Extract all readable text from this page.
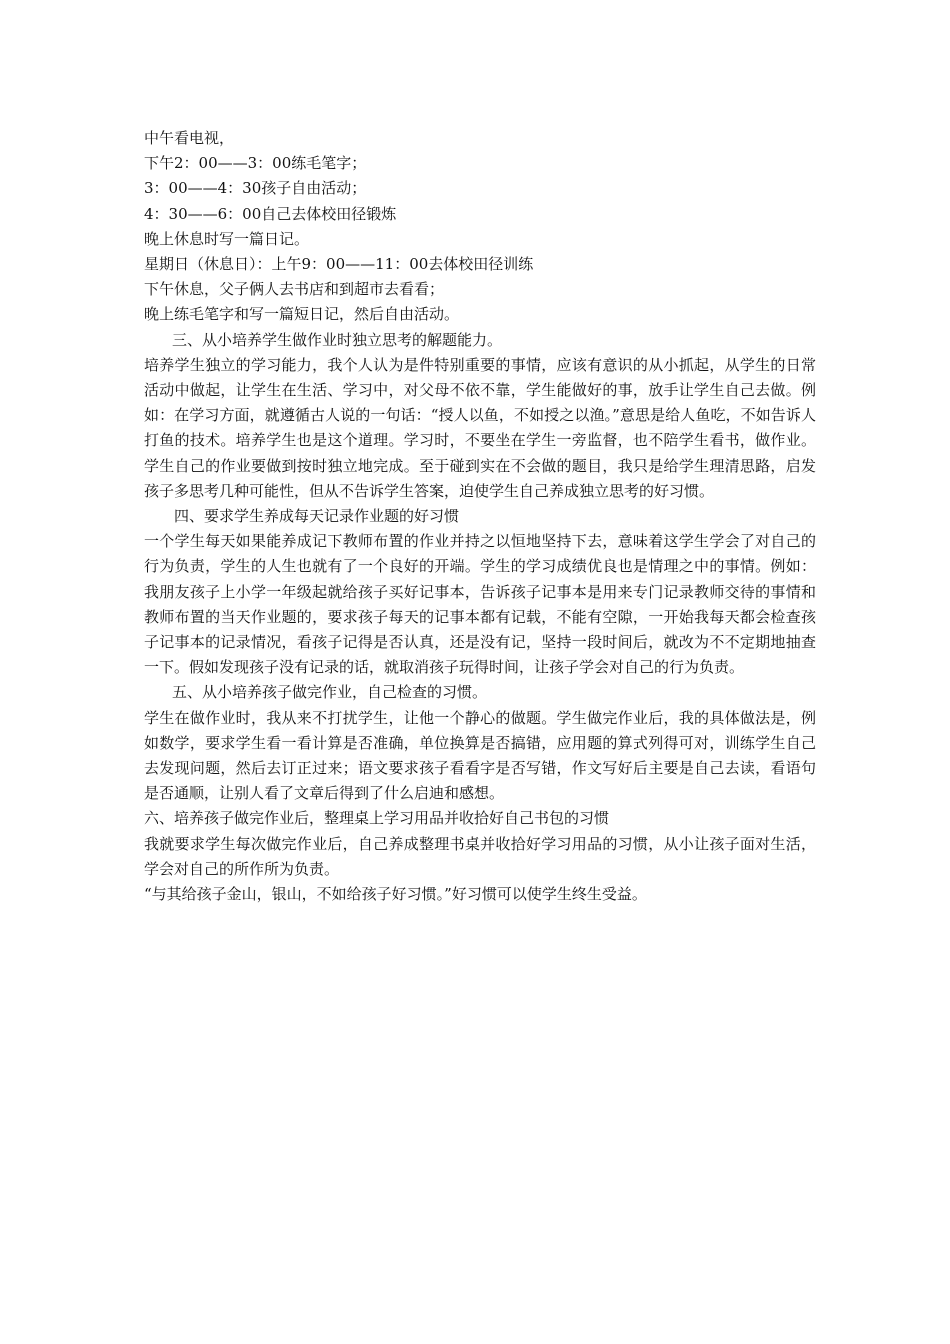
中午看电视，

下午2：00——3：00练毛笔字；

3：00——4：30孩子自由活动；

4：30——6：00自己去体校田径锻炼

晚上休息时写一篇日记。

星期日（休息日）：上午9：00——11：00去体校田径训练

下午休息，父子俩人去书店和到超市去看看；

晚上练毛笔字和写一篇短日记，然后自由活动。

三、从小培养学生做作业时独立思考的解题能力。

培养学生独立的学习能力，我个人认为是件特别重要的事情，应该有意识的从小抓起，从学生的日常活动中做起，让学生在生活、学习中，对父母不依不靠，学生能做好的事，放手让学生自己去做。例如：在学习方面，就遵循古人说的一句话：“授人以鱼，不如授之以渔。”意思是给人鱼吃，不如告诉人打鱼的技术。培养学生也是这个道理。学习时，不要坐在学生一旁监督，也不陪学生看书，做作业。学生自己的作业要做到按时独立地完成。至于碰到实在不会做的题目，我只是给学生理清思路，启发孩子多思考几种可能性，但从不告诉学生答案，迫使学生自己养成独立思考的好习惯。

四、要求学生养成每天记录作业题的好习惯

一个学生每天如果能养成记下教师布置的作业并持之以恒地坚持下去，意味着这学生学会了对自己的行为负责，学生的人生也就有了一个良好的开端。学生的学习成绩优良也是情理之中的事情。例如：我朋友孩子上小学一年级起就给孩子买好记事本，告诉孩子记事本是用来专门记录教师交待的事情和教师布置的当天作业题的，要求孩子每天的记事本都有记载，不能有空隙，一开始我每天都会检查孩子记事本的记录情况，看孩子记得是否认真，还是没有记，坚持一段时间后，就改为不不定期地抽查一下。假如发现孩子没有记录的话，就取消孩子玩得时间，让孩子学会对自己的行为负责。

五、从小培养孩子做完作业，自己检查的习惯。

学生在做作业时，我从来不打扰学生，让他一个静心的做题。学生做完作业后，我的具体做法是，例如数学，要求学生看一看计算是否准确，单位换算是否搞错，应用题的算式列得可对，训练学生自己去发现问题，然后去订正过来；语文要求孩子看看字是否写错，作文写好后主要是自己去读，看语句是否通顺，让别人看了文章后得到了什么启迪和感想。

六、培养孩子做完作业后，整理桌上学习用品并收拾好自己书包的习惯

我就要求学生每次做完作业后，自己养成整理书桌并收拾好学习用品的习惯，从小让孩子面对生活，学会对自己的所作所为负责。

“与其给孩子金山，银山，不如给孩子好习惯。”好习惯可以使学生终生受益。
